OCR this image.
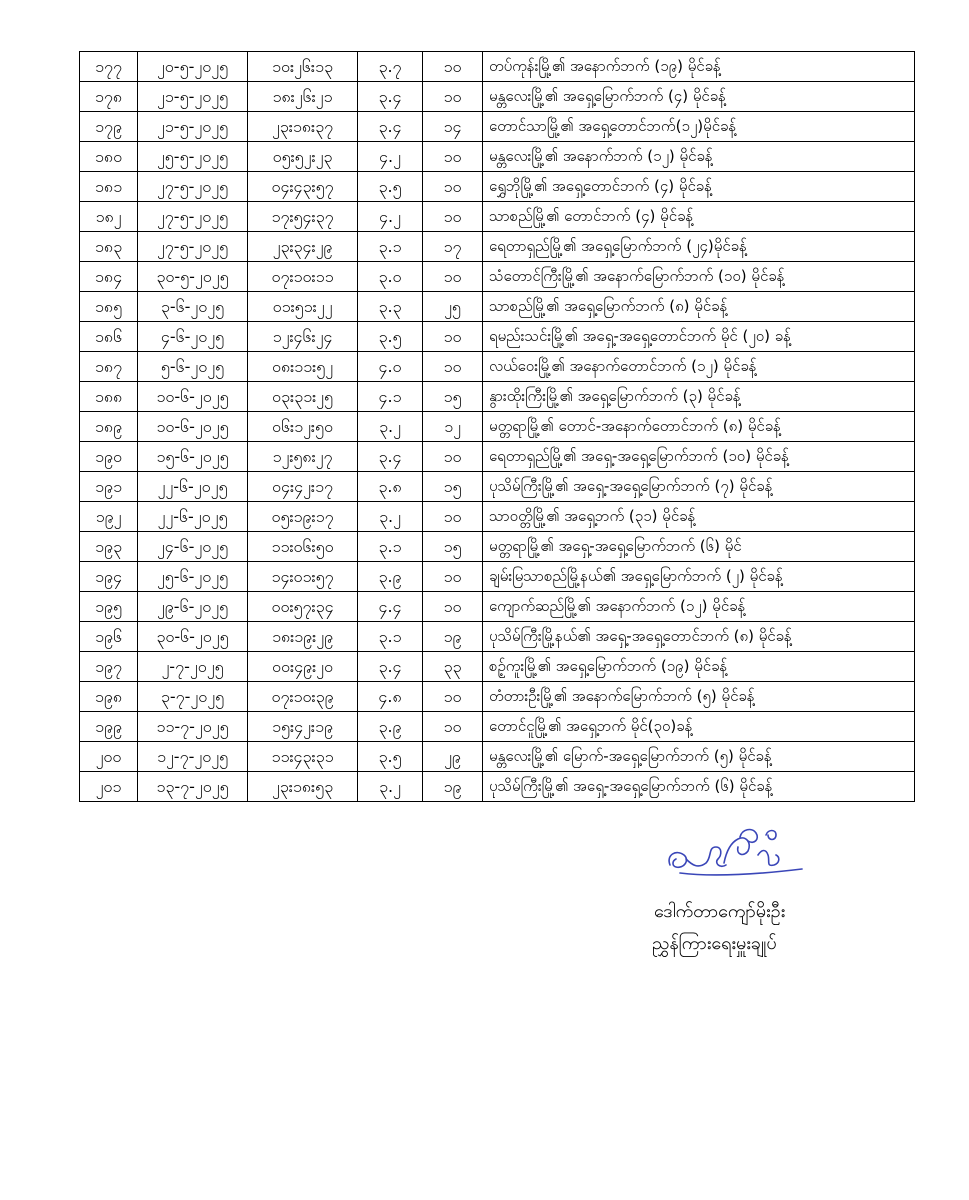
၁၇၇	၂၀-၅-၂၀၂၅	၁၀း၂၆း၁၃	၃.၇	၁၀	တပ်ကုန်းမြို့၏ အနောက်ဘက် (၁၉) မိုင်ခန့်
၁၇၈	၂၁-၅-၂၀၂၅	၁၈း၂၆း၂၁	၃.၄	၁၀	မန္တလေးမြို့၏ အရှေ့မြောက်ဘက် (၄) မိုင်ခန့်
၁၇၉	၂၁-၅-၂၀၂၅	၂၃း၁၈း၃၇	၃.၄	၁၄	တောင်သာမြို့၏ အရှေ့တောင်ဘက်(၁၂)မိုင်ခန့်
၁၈၀	၂၅-၅-၂၀၂၅	၀၅း၅၂း၂၃	၄.၂	၁၀	မန္တလေးမြို့၏ အနောက်ဘက် (၁၂) မိုင်ခန့်
၁၈၁	၂၇-၅-၂၀၂၅	၀၄း၄၃း၅၇	၃.၅	၁၀	ရွှေဘိုမြို့၏ အရှေ့တောင်ဘက် (၄) မိုင်ခန့်
၁၈၂	၂၇-၅-၂၀၂၅	၁၇း၅၄း၃၇	၄.၂	၁၀	သာစည်မြို့၏ တောင်ဘက် (၄) မိုင်ခန့်
၁၈၃	၂၇-၅-၂၀၂၅	၂၃း၃၄း၂၉	၃.၁	၁၇	ရေတာရှည်မြို့၏ အရှေ့မြောက်ဘက် (၂၄)မိုင်ခန့်
၁၈၄	၃၀-၅-၂၀၂၅	၀၇း၁၀း၁၁	၃.၀	၁၀	သံတောင်ကြီးမြို့၏ အနောက်မြောက်ဘက် (၁၀) မိုင်ခန့်
၁၈၅	၃-၆-၂၀၂၅	၀၁း၅၁း၂၂	၃.၃	၂၅	သာစည်မြို့၏ အရှေ့မြောက်ဘက် (၈) မိုင်ခန့်
၁၈၆	၄-၆-၂၀၂၅	၁၂း၄၆း၂၄	၃.၅	၁၀	ရမည်းသင်းမြို့၏ အရှေ့-အရှေ့တောင်ဘက် မိုင် (၂၀) ခန့်
၁၈၇	၅-၆-၂၀၂၅	၀၈း၁၁း၅၂	၄.၀	၁၀	လယ်ဝေးမြို့၏ အနောက်တောင်ဘက် (၁၂) မိုင်ခန့်
၁၈၈	၁၀-၆-၂၀၂၅	၀၃း၃၁း၂၅	၄.၁	၁၅	နွားထိုးကြီးမြို့၏ အရှေ့မြောက်ဘက် (၃) မိုင်ခန့်
၁၈၉	၁၀-၆-၂၀၂၅	၀၆း၁၂း၅၀	၃.၂	၁၂	မတ္တရာမြို့၏ တောင်-အနောက်တောင်ဘက် (၈) မိုင်ခန့်
၁၉၀	၁၅-၆-၂၀၂၅	၁၂း၅၈း၂၇	၃.၄	၁၀	ရေတာရှည်မြို့၏ အရှေ့-အရှေ့မြောက်ဘက် (၁၀) မိုင်ခန့်
၁၉၁	၂၂-၆-၂၀၂၅	၀၄း၄၂း၁၇	၃.၈	၁၅	ပုသိမ်ကြီးမြို့၏ အရှေ့-အရှေ့မြောက်ဘက် (၇) မိုင်ခန့်
၁၉၂	၂၂-၆-၂၀၂၅	၀၅း၁၉း၁၇	၃.၂	၁၀	သာဝတ္တိမြို့၏ အရှေ့ဘက် (၃၁) မိုင်ခန့်
၁၉၃	၂၄-၆-၂၀၂၅	၁၁း၀၆း၅၀	၃.၁	၁၅	မတ္တရာမြို့၏ အရှေ့-အရှေ့မြောက်ဘက် (၆) မိုင်
၁၉၄	၂၅-၆-၂၀၂၅	၁၄း၀၁း၅၇	၃.၉	၁၀	ချမ်းမြသာစည်မြို့နယ်၏ အရှေ့မြောက်ဘက် (၂) မိုင်ခန့်
၁၉၅	၂၉-၆-၂၀၂၅	၀၀း၅၇း၃၄	၄.၄	၁၀	ကျောက်ဆည်မြို့၏ အနောက်ဘက် (၁၂) မိုင်ခန့်
၁၉၆	၃၀-၆-၂၀၂၅	၁၈း၁၉း၂၉	၃.၁	၁၉	ပုသိမ်ကြီးမြို့နယ်၏ အရှေ့-အရှေ့တောင်ဘက် (၈) မိုင်ခန့်
၁၉၇	၂-၇-၂၀၂၅	၀၀း၄၉း၂၀	၃.၄	၃၃	စဉ့်ကူးမြို့၏ အရှေ့မြောက်ဘက် (၁၉) မိုင်ခန့်
၁၉၈	၃-၇-၂၀၂၅	၀၇း၁၀း၃၉	၄.၈	၁၀	တံတားဦးမြို့၏ အနောက်မြောက်ဘက် (၅) မိုင်ခန့်
၁၉၉	၁၁-၇-၂၀၂၅	၁၅း၄၂း၁၉	၃.၉	၁၀	တောင်ငူမြို့၏ အရှေ့ဘက် မိုင်(၃၀)ခန့်
၂၀၀	၁၂-၇-၂၀၂၅	၁၁း၄၃း၃၁	၃.၅	၂၉	မန္တလေးမြို့၏ မြောက်-အရှေ့မြောက်ဘက် (၅) မိုင်ခန့်
၂၀၁	၁၃-၇-၂၀၂၅	၂၃း၁၈း၅၃	၃.၂	၁၉	ပုသိမ်ကြီးမြို့၏ အရှေ့-အရှေ့မြောက်ဘက် (၆) မိုင်ခန့်
ဒေါက်တာကျော်မိုးဦး
ညွှန်ကြားရေးမှူးချုပ်
